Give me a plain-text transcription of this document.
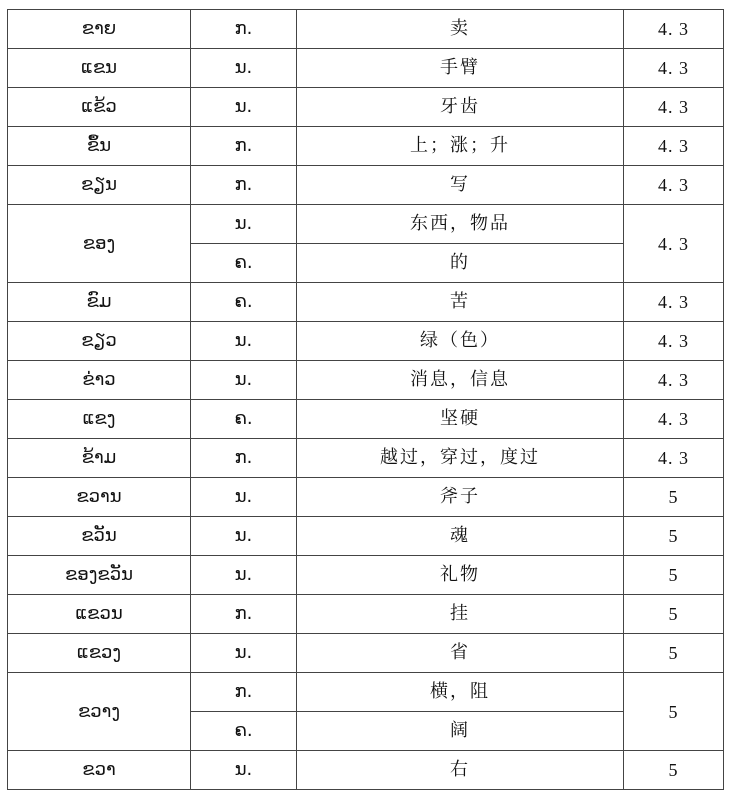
ຂາຍ	ກ.	卖	4. 3
ແຂນ	ນ.	手臂	4. 3
ແຂ້ວ	ນ.	牙齿	4. 3
ຂຶ້ນ	ກ.	上；涨；升	4. 3
ຂຽນ	ກ.	写	4. 3
ຂອງ	ນ.	东西，物品	4. 3
	ຄ.	的	
ຂົມ	ຄ.	苦	4. 3
ຂຽວ	ນ.	绿（色）	4. 3
ຂ່າວ	ນ.	消息，信息	4. 3
ແຂງ	ຄ.	坚硬	4. 3
ຂ້າມ	ກ.	越过，穿过，度过	4. 3
ຂວານ	ນ.	斧子	5
ຂວັນ	ນ.	魂	5
ຂອງຂວັນ	ນ.	礼物	5
ແຂວນ	ກ.	挂	5
ແຂວງ	ນ.	省	5
ຂວາງ	ກ.	横，阻	5
	ຄ.	阔	
ຂວາ	ນ.	右	5
